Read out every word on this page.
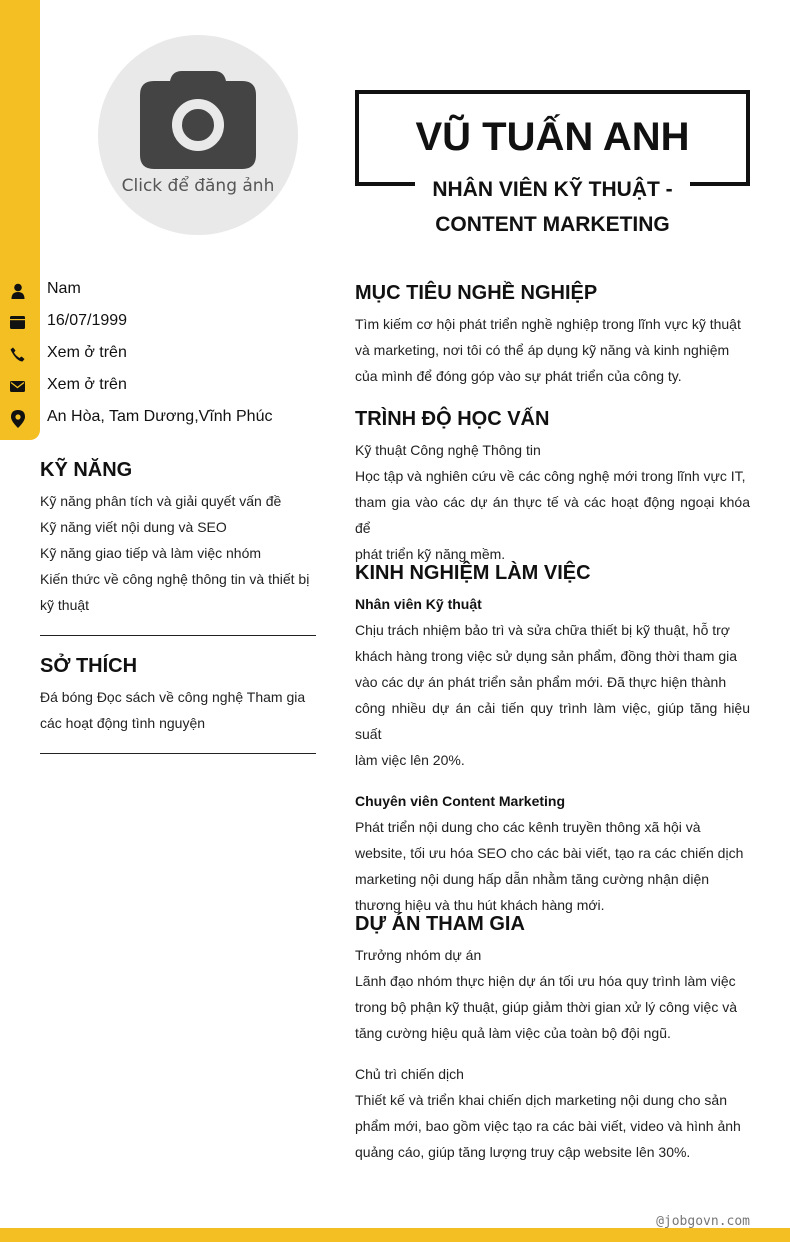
Click để đăng ảnh
VŨ TUẤN ANH
NHÂN VIÊN KỸ THUẬT -
CONTENT MARKETING
Nam
16/07/1999
Xem ở trên
Xem ở trên
An Hòa, Tam Dương,Vĩnh Phúc
KỸ NĂNG
Kỹ năng phân tích và giải quyết vấn đề
Kỹ năng viết nội dung và SEO
Kỹ năng giao tiếp và làm việc nhóm
Kiến thức về công nghệ thông tin và thiết bị
kỹ thuật
SỞ THÍCH
Đá bóng Đọc sách về công nghệ Tham gia
các hoạt động tình nguyện
MỤC TIÊU NGHỀ NGHIỆP
Tìm kiếm cơ hội phát triển nghề nghiệp trong lĩnh vực kỹ thuật
và marketing, nơi tôi có thể áp dụng kỹ năng và kinh nghiệm
của mình để đóng góp vào sự phát triển của công ty.
TRÌNH ĐỘ HỌC VẤN
Kỹ thuật Công nghệ Thông tin
Học tập và nghiên cứu về các công nghệ mới trong lĩnh vực IT,
tham gia vào các dự án thực tế và các hoạt động ngoại khóa để
phát triển kỹ năng mềm.
KINH NGHIỆM LÀM VIỆC
Nhân viên Kỹ thuật
Chịu trách nhiệm bảo trì và sửa chữa thiết bị kỹ thuật, hỗ trợ
khách hàng trong việc sử dụng sản phẩm, đồng thời tham gia
vào các dự án phát triển sản phẩm mới. Đã thực hiện thành
công nhiều dự án cải tiến quy trình làm việc, giúp tăng hiệu suất
làm việc lên 20%.
Chuyên viên Content Marketing
Phát triển nội dung cho các kênh truyền thông xã hội và
website, tối ưu hóa SEO cho các bài viết, tạo ra các chiến dịch
marketing nội dung hấp dẫn nhằm tăng cường nhận diện
thương hiệu và thu hút khách hàng mới.
DỰ ÁN THAM GIA
Trưởng nhóm dự án
Lãnh đạo nhóm thực hiện dự án tối ưu hóa quy trình làm việc
trong bộ phận kỹ thuật, giúp giảm thời gian xử lý công việc và
tăng cường hiệu quả làm việc của toàn bộ đội ngũ.
Chủ trì chiến dịch
Thiết kế và triển khai chiến dịch marketing nội dung cho sản
phẩm mới, bao gồm việc tạo ra các bài viết, video và hình ảnh
quảng cáo, giúp tăng lượng truy cập website lên 30%.
@jobgovn.com
